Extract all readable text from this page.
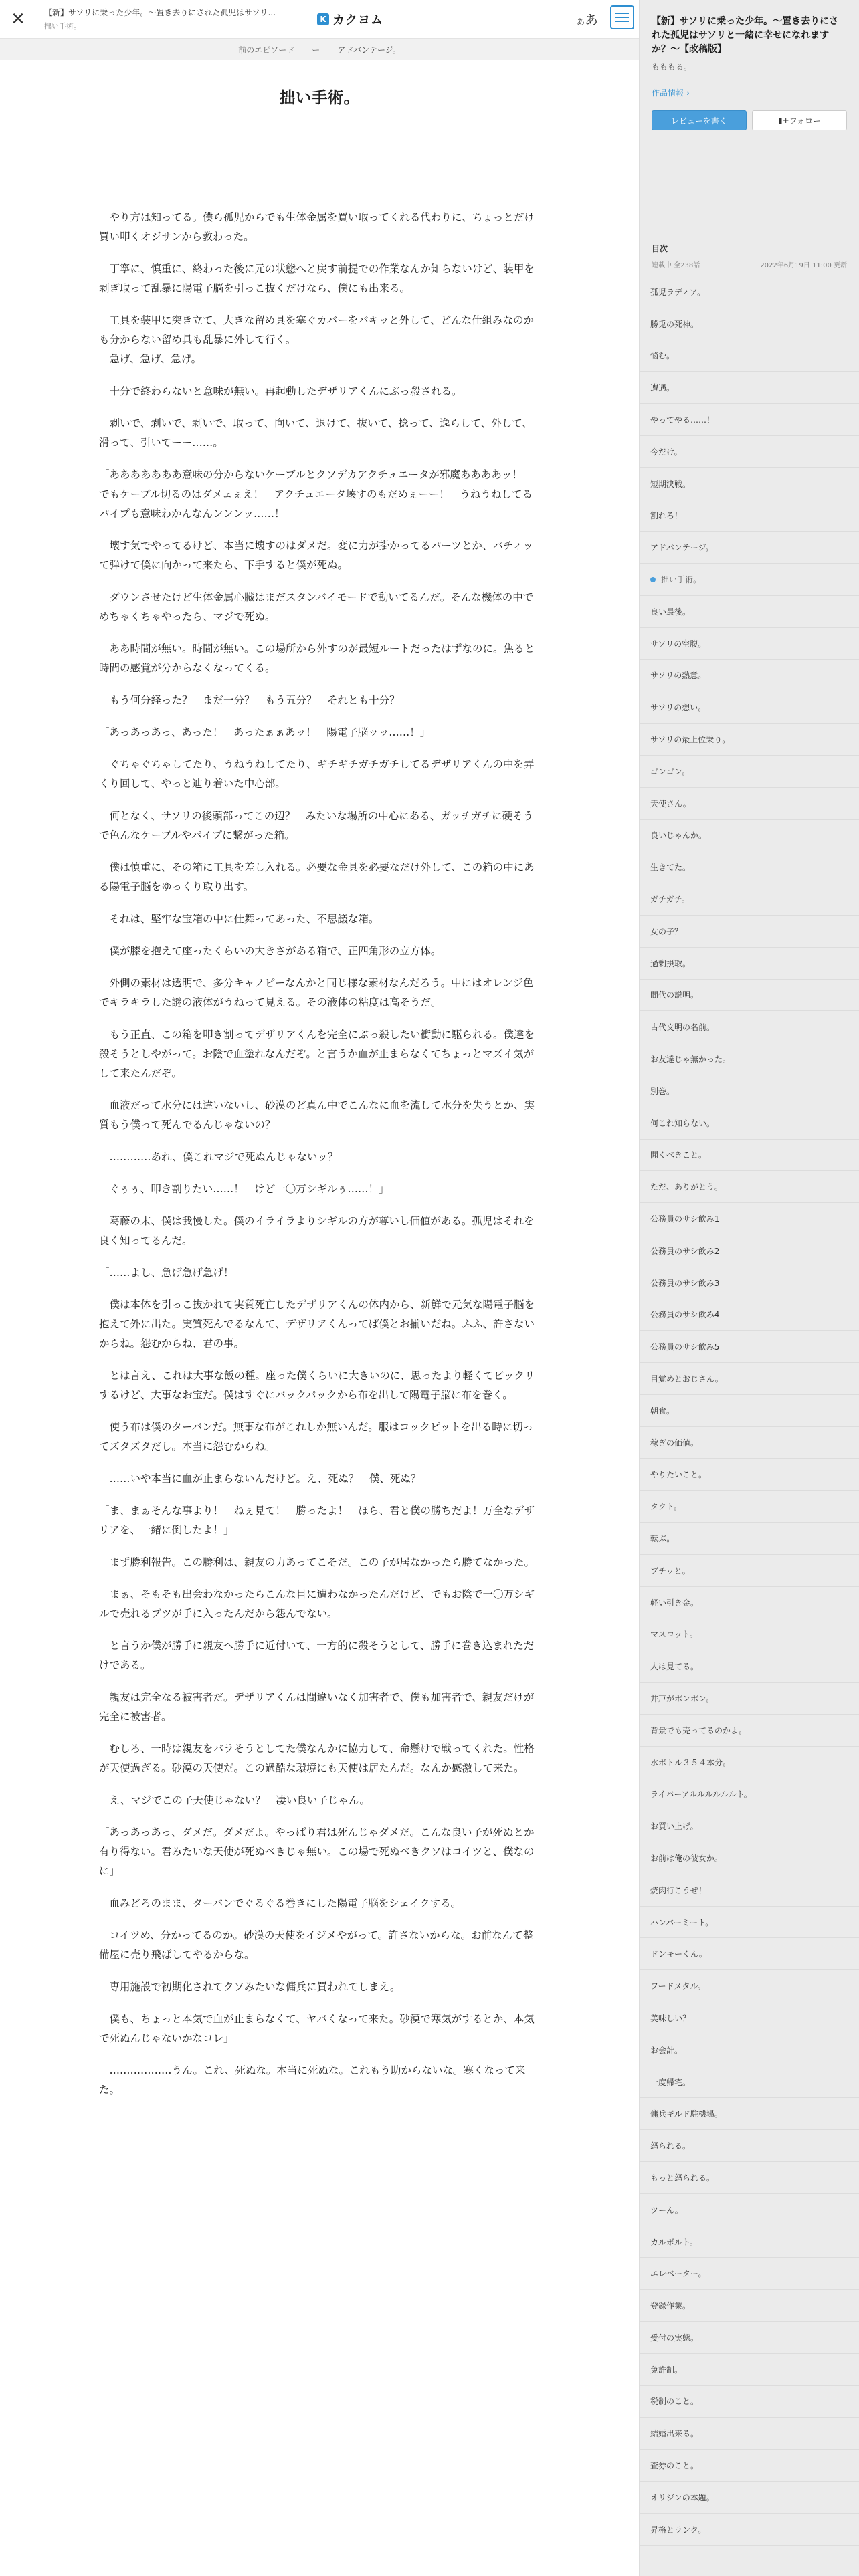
✕	【新】サソリに乗った少年。〜置き去りにされた孤児はサソリ...
拙い手術。
K カクヨム	ああ
前のエピソード ー アドバンテージ。
拙い手術。

　やり方は知ってる。僕ら孤児からでも生体金属を買い取ってくれる代わりに、ちょっとだけ買い叩くオジサンから教わった。

　丁寧に、慎重に、終わった後に元の状態へと戻す前提での作業なんか知らないけど、装甲を剥ぎ取って乱暴に陽電子脳を引っこ抜くだけなら、僕にも出来る。

　工具を装甲に突き立て、大きな留め具を塞ぐカバーをバキッと外して、どんな仕組みなのかも分からない留め具も乱暴に外して行く。
　急げ、急げ、急げ。

　十分で終わらないと意味が無い。再起動したデザリアくんにぶっ殺される。

　剥いで、剥いで、剥いで、取って、向いて、退けて、抜いて、捻って、逸らして、外して、滑って、引いてーー……。

「あああああああ意味の分からないケーブルとクソデカアクチュエータが邪魔ああああッ！　でもケーブル切るのはダメェぇえ！　アクチュエータ壊すのもだめぇーー！　うねうねしてるパイプも意味わかんなんンンンッ……！」

　壊す気でやってるけど、本当に壊すのはダメだ。変に力が掛かってるパーツとか、バチィッて弾けて僕に向かって来たら、下手すると僕が死ぬ。

　ダウンさせたけど生体金属心臓はまだスタンバイモードで動いてるんだ。そんな機体の中でめちゃくちゃやったら、マジで死ぬ。

　ああ時間が無い。時間が無い。この場所から外すのが最短ルートだったはずなのに。焦ると時間の感覚が分からなくなってくる。

　もう何分経った？　まだ一分？　もう五分？　それとも十分？

「あっあっあっ、あった！　あったぁぁあッ！　陽電子脳ッッ……！」

　ぐちゃぐちゃしてたり、うねうねしてたり、ギチギチガチガチしてるデザリアくんの中を弄くり回して、やっと辿り着いた中心部。

　何となく、サソリの後頭部ってこの辺？　みたいな場所の中心にある、ガッチガチに硬そうで色んなケーブルやパイプに繋がった箱。

　僕は慎重に、その箱に工具を差し入れる。必要な金具を必要なだけ外して、この箱の中にある陽電子脳をゆっくり取り出す。

　それは、堅牢な宝箱の中に仕舞ってあった、不思議な箱。

　僕が膝を抱えて座ったくらいの大きさがある箱で、正四角形の立方体。

　外側の素材は透明で、多分キャノピーなんかと同じ様な素材なんだろう。中にはオレンジ色でキラキラした謎の液体がうねって見える。その液体の粘度は高そうだ。

　もう正直、この箱を叩き割ってデザリアくんを完全にぶっ殺したい衝動に駆られる。僕達を殺そうとしやがって。お陰で血塗れなんだぞ。と言うか血が止まらなくてちょっとマズイ気がして来たんだぞ。

　血液だって水分には違いないし、砂漠のど真ん中でこんなに血を流して水分を失うとか、実質もう僕って死んでるんじゃないの？

　…………あれ、僕これマジで死ぬんじゃないッ？

「ぐぅぅ、叩き割りたい……！　けど一〇万シギルぅ……！」

　葛藤の末、僕は我慢した。僕のイライラよりシギルの方が尊いし価値がある。孤児はそれを良く知ってるんだ。

「……よし、急げ急げ急げ！」

　僕は本体を引っこ抜かれて実質死亡したデザリアくんの体内から、新鮮で元気な陽電子脳を抱えて外に出た。実質死んでるなんて、デザリアくんってば僕とお揃いだね。ふふ、許さないからね。怨むからね、君の事。

　とは言え、これは大事な飯の種。座った僕くらいに大きいのに、思ったより軽くてビックリするけど、大事なお宝だ。僕はすぐにバックパックから布を出して陽電子脳に布を巻く。

　使う布は僕のターバンだ。無事な布がこれしか無いんだ。服はコックピットを出る時に切ってズタズタだし。本当に怨むからね。

　……いや本当に血が止まらないんだけど。え、死ぬ？　僕、死ぬ？

「ま、まぁそんな事より！　ねぇ見て！　勝ったよ！　ほら、君と僕の勝ちだよ！万全なデザリアを、一緒に倒したよ！」

　まず勝利報告。この勝利は、親友の力あってこそだ。この子が居なかったら勝てなかった。

　まぁ、そもそも出会わなかったらこんな目に遭わなかったんだけど、でもお陰で一〇万シギルで売れるブツが手に入ったんだから怨んでない。

　と言うか僕が勝手に親友へ勝手に近付いて、一方的に殺そうとして、勝手に巻き込まれただけである。

　親友は完全なる被害者だ。デザリアくんは間違いなく加害者で、僕も加害者で、親友だけが完全に被害者。

　むしろ、一時は親友をバラそうとしてた僕なんかに協力して、命懸けで戦ってくれた。性格が天使過ぎる。砂漠の天使だ。この過酷な環境にも天使は居たんだ。なんか感激して来た。

　え、マジでこの子天使じゃない？　凄い良い子じゃん。

「あっあっあっ、ダメだ。ダメだよ。やっぱり君は死んじゃダメだ。こんな良い子が死ぬとか有り得ない。君みたいな天使が死ぬべきじゃ無い。この場で死ぬべきクソはコイツと、僕なのに」

　血みどろのまま、ターバンでぐるぐる巻きにした陽電子脳をシェイクする。

　コイツめ、分かってるのか。砂漠の天使をイジメやがって。許さないからな。お前なんて整備屋に売り飛ばしてやるからな。

　専用施設で初期化されてクソみたいな傭兵に買われてしまえ。

「僕も、ちょっと本気で血が止まらなくて、ヤバくなって来た。砂漠で寒気がするとか、本気で死ぬんじゃないかなコレ」

　………………うん。これ、死ぬな。本当に死ぬな。これもう助からないな。寒くなって来た。

【新】サソリに乗った少年。〜置き去りにされた孤児はサソリと一緒に幸せになれますか？〜【改稿版】
もももる。
作品情報 ›
レビューを書く	▮ + フォロー
目次
連載中 全238話	2022年6月19日 11:00 更新
孤児ラディア。
勝兎の死神。
悩む。
遭遇。
やってやる……！
今だけ。
短期決戦。
割れろ！
アドバンテージ。
拙い手術。
良い最後。
サソリの空腹。
サソリの熱意。
サソリの想い。
サソリの最上位乗り。
ゴンゴン。
天使さん。
良いじゃんか。
生きてた。
ガチガチ。
女の子？
過剰摂取。
間代の説明。
古代文明の名前。
お友達じゃ無かった。
別巻。
何これ知らない。
聞くべきこと。
ただ、ありがとう。
公務員のサシ飲み1
公務員のサシ飲み2
公務員のサシ飲み3
公務員のサシ飲み4
公務員のサシ飲み5
目覚めとおじさん。
朝食。
稼ぎの価値。
やりたいこと。
タクト。
転ぶ。
ブチッと。
軽い引き金。
マスコット。
人は見てる。
井戸がポンポン。
背景でも売ってるのかよ。
水ボトル３５４本分。
ライバーアルルルルルルト。
お買い上げ。
お前は俺の彼女か。
焼肉行こうぜ！
ハンバーミート。
ドンキーくん。
フードメタル。
美味しい？
お会計。
一度帰宅。
傭兵ギルド駐機場。
怒られる。
もっと怒られる。
ツーん。
カルボルト。
エレベーター。
登録作業。
受付の実態。
免許制。
税制のこと。
結婚出来る。
査券のこと。
オリジンの本題。
昇格とランク。
